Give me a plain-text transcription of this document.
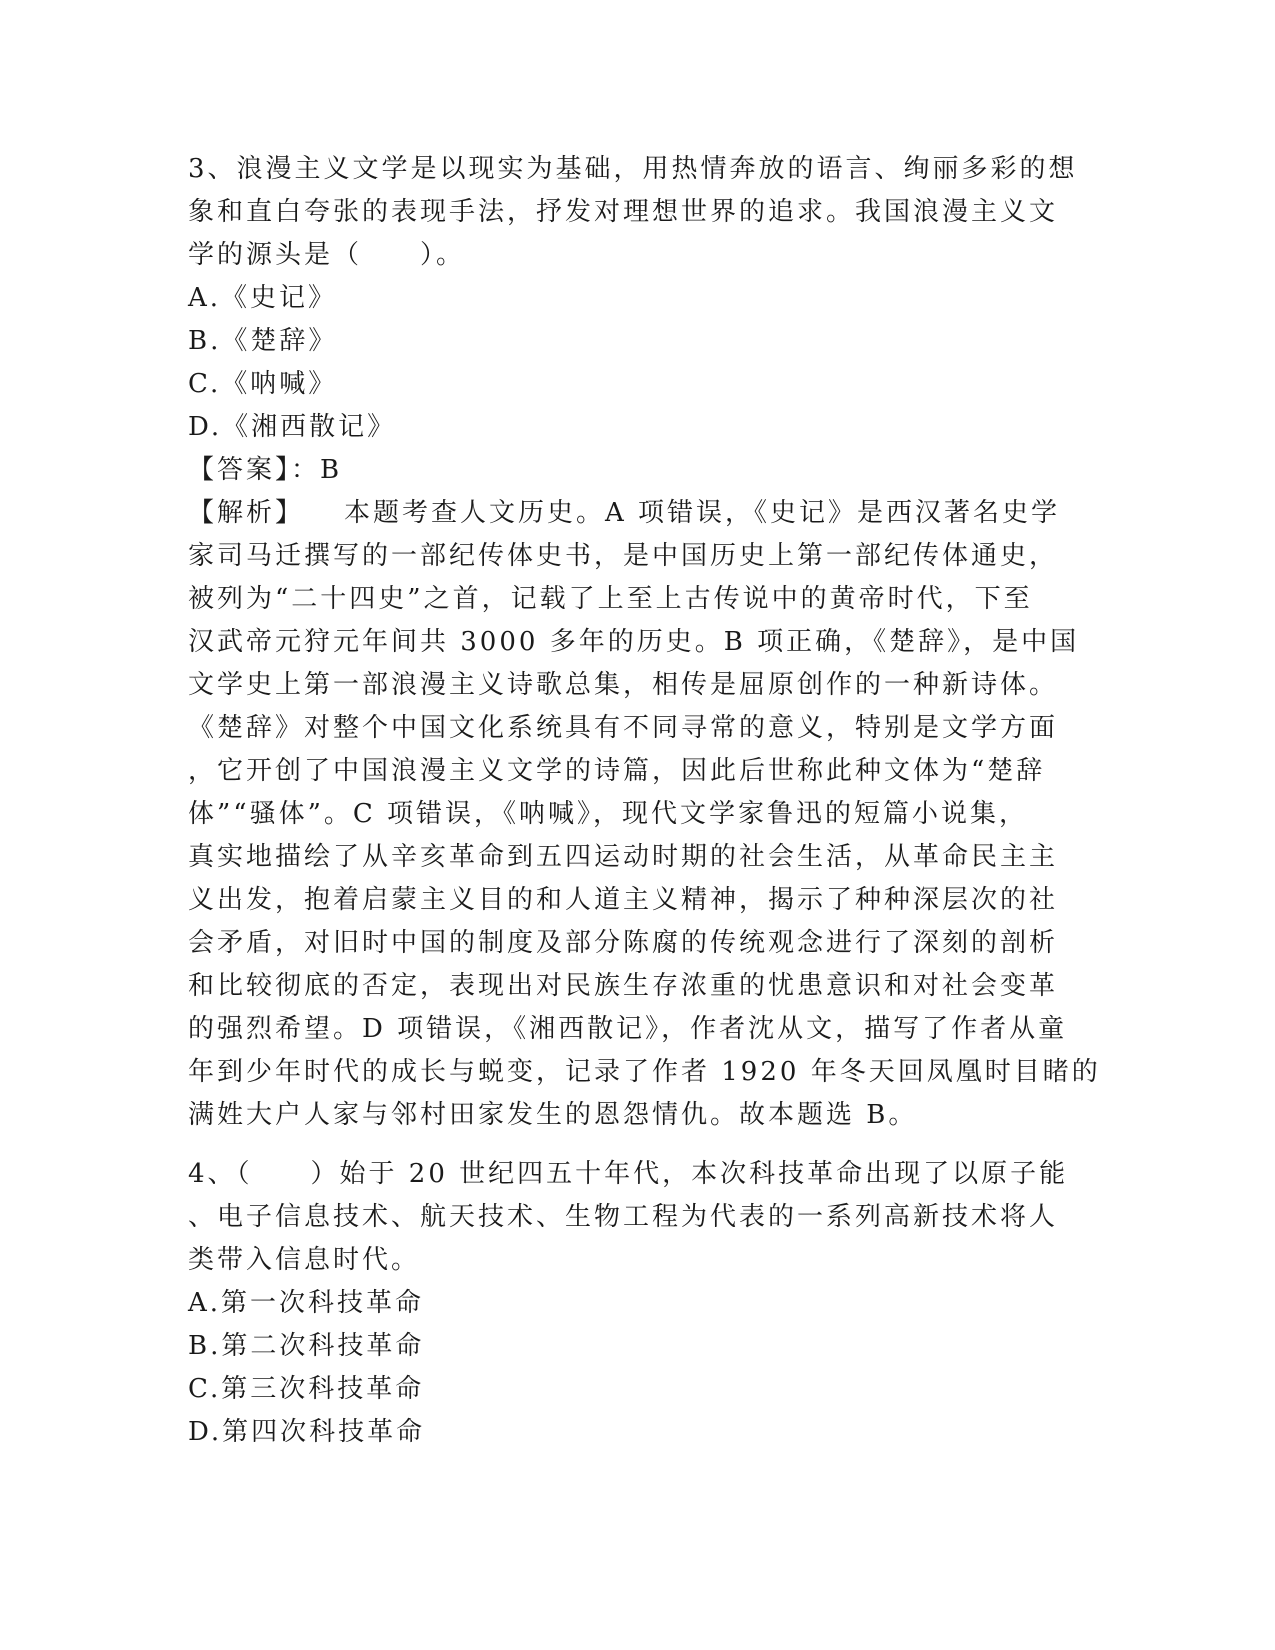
3、浪漫主义文学是以现实为基础，用热情奔放的语言、绚丽多彩的想
象和直白夸张的表现手法，抒发对理想世界的追求。我国浪漫主义文
学的源头是（　　）。
A.《史记》
B.《楚辞》
C.《呐喊》
D.《湘西散记》
【答案】：B
【解析】 本题考查人文历史。A 项错误，《史记》是西汉著名史学
家司马迁撰写的一部纪传体史书，是中国历史上第一部纪传体通史，
被列为“二十四史”之首，记载了上至上古传说中的黄帝时代，下至
汉武帝元狩元年间共 3000 多年的历史。B 项正确，《楚辞》，是中国
文学史上第一部浪漫主义诗歌总集，相传是屈原创作的一种新诗体。
《楚辞》对整个中国文化系统具有不同寻常的意义，特别是文学方面
，它开创了中国浪漫主义文学的诗篇，因此后世称此种文体为“楚辞
体”“骚体”。C 项错误，《呐喊》，现代文学家鲁迅的短篇小说集，
真实地描绘了从辛亥革命到五四运动时期的社会生活，从革命民主主
义出发，抱着启蒙主义目的和人道主义精神，揭示了种种深层次的社
会矛盾，对旧时中国的制度及部分陈腐的传统观念进行了深刻的剖析
和比较彻底的否定，表现出对民族生存浓重的忧患意识和对社会变革
的强烈希望。D 项错误，《湘西散记》，作者沈从文，描写了作者从童
年到少年时代的成长与蜕变，记录了作者 1920 年冬天回凤凰时目睹的
满姓大户人家与邻村田家发生的恩怨情仇。故本题选 B。
4、（　　）始于 20 世纪四五十年代，本次科技革命出现了以原子能
、电子信息技术、航天技术、生物工程为代表的一系列高新技术将人
类带入信息时代。
A.第一次科技革命
B.第二次科技革命
C.第三次科技革命
D.第四次科技革命
